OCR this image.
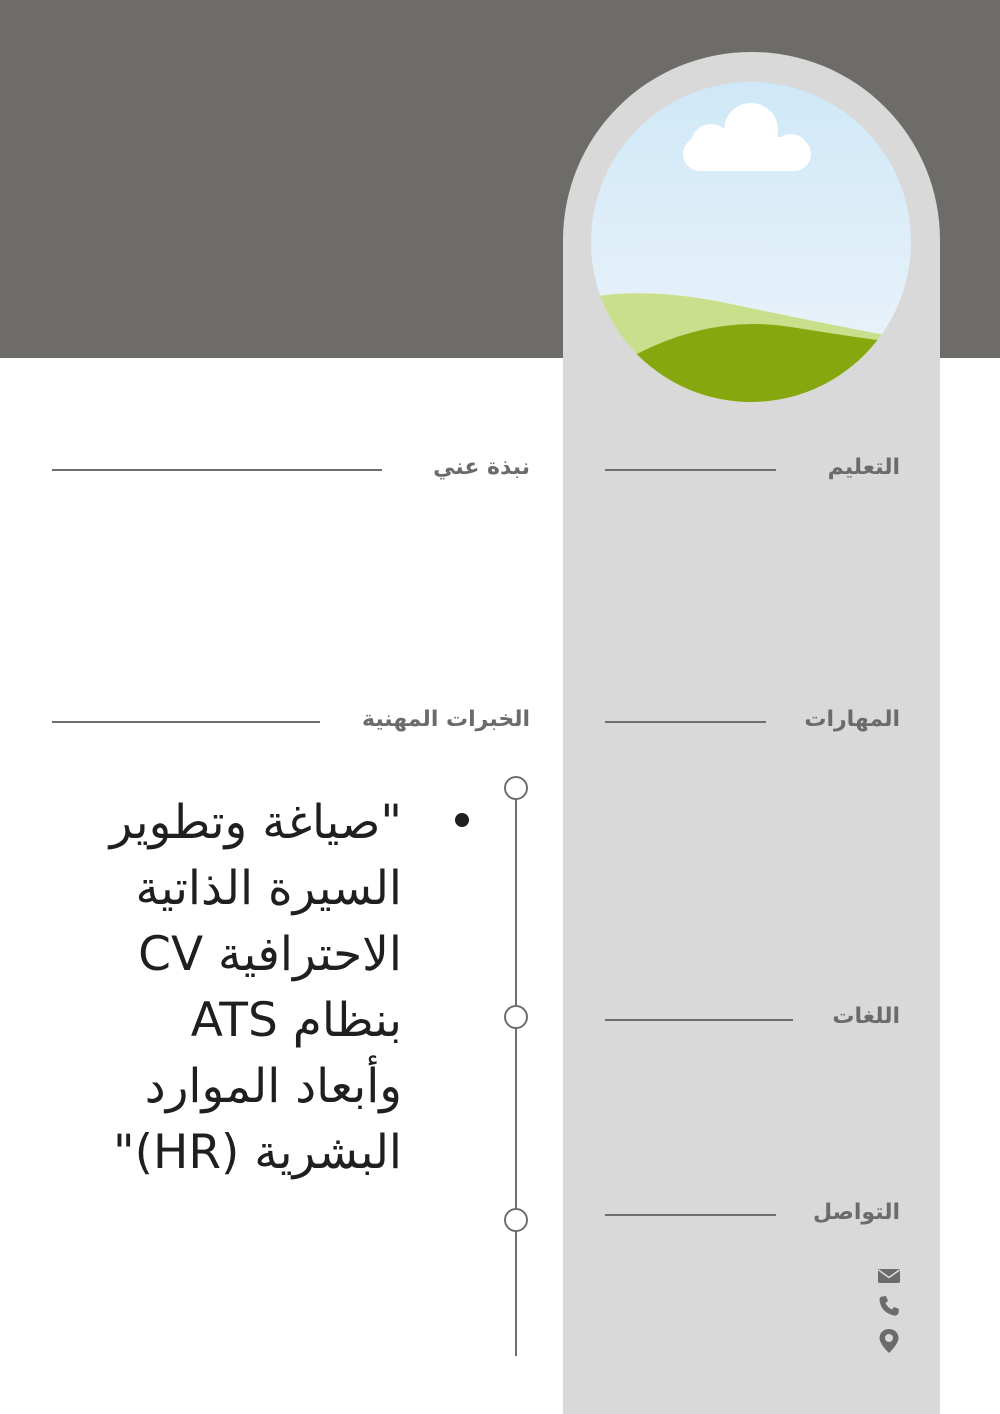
نبذة عني
الخبرات المهنية

"صياغة وتطوير السيرة الذاتية الاحترافية CV بنظام ATS وأبعاد الموارد البشرية (HR)"

التعليم
المهارات
اللغات
التواصل
